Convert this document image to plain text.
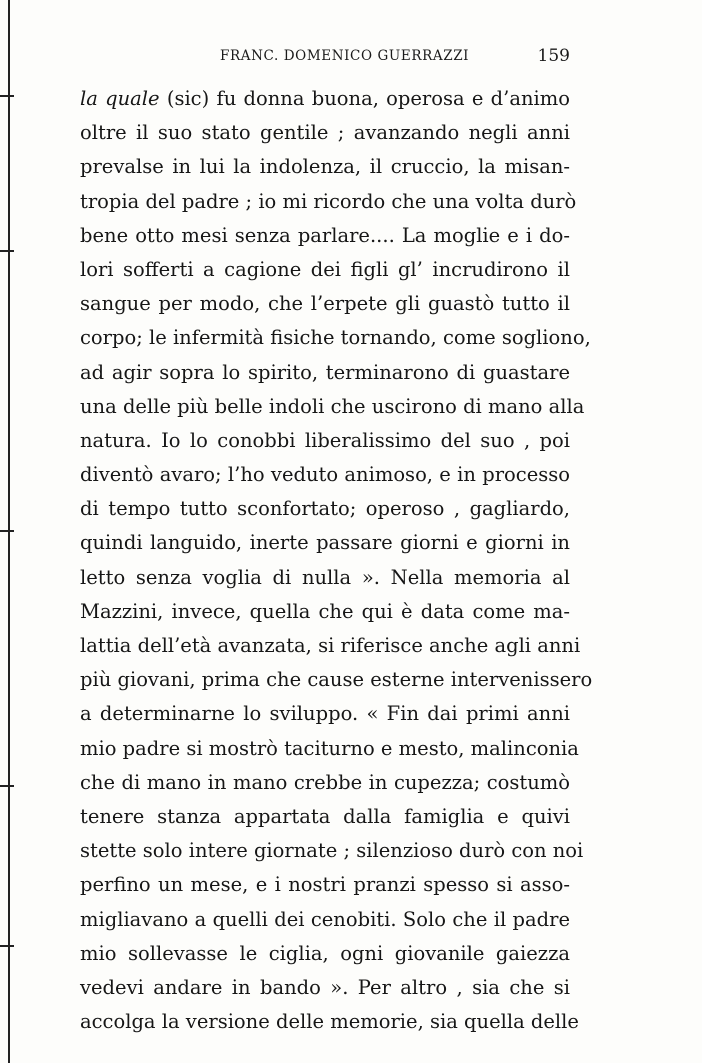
FRANC. DOMENICO GUERRAZZI	159
la quale (sic) fu donna buona, operosa e d’animo
oltre il suo stato gentile ; avanzando negli anni
prevalse in lui la indolenza, il cruccio, la misan-
tropia del padre ; io mi ricordo che una volta durò
bene otto mesi senza parlare.... La moglie e i do-
lori sofferti a cagione dei figli gl’ incrudirono il
sangue per modo, che l’erpete gli guastò tutto il
corpo; le infermità fisiche tornando, come sogliono,
ad agir sopra lo spirito, terminarono di guastare
una delle più belle indoli che uscirono di mano alla
natura. Io lo conobbi liberalissimo del suo , poi
diventò avaro; l’ho veduto animoso, e in processo
di tempo tutto sconfortato; operoso , gagliardo,
quindi languido, inerte passare giorni e giorni in
letto senza voglia di nulla ». Nella memoria al
Mazzini, invece, quella che qui è data come ma-
lattia dell’età avanzata, si riferisce anche agli anni
più giovani, prima che cause esterne intervenissero
a determinarne lo sviluppo. « Fin dai primi anni
mio padre si mostrò taciturno e mesto, malinconia
che di mano in mano crebbe in cupezza; costumò
tenere stanza appartata dalla famiglia e quivi
stette solo intere giornate ; silenzioso durò con noi
perfino un mese, e i nostri pranzi spesso si asso-
migliavano a quelli dei cenobiti. Solo che il padre
mio sollevasse le ciglia, ogni giovanile gaiezza
vedevi andare in bando ». Per altro , sia che si
accolga la versione delle memorie, sia quella delle
